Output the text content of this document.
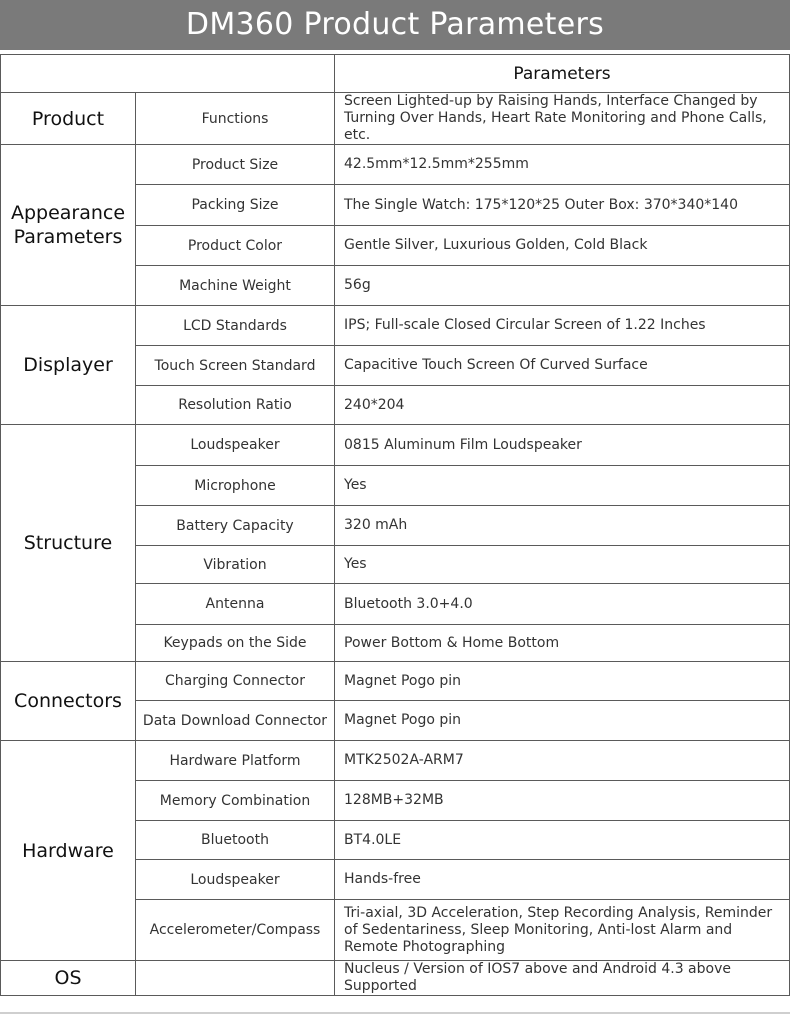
DM360 Product Parameters
		Parameters
Product	Functions	Screen Lighted-up by Raising Hands, Interface Changed by Turning Over Hands, Heart Rate Monitoring and Phone Calls, etc.
Appearance Parameters	Product Size	42.5mm*12.5mm*255mm
	Packing Size	The Single Watch: 175*120*25 Outer Box: 370*340*140
	Product Color	Gentle Silver, Luxurious Golden, Cold Black
	Machine Weight	56g
Displayer	LCD Standards	IPS; Full-scale Closed Circular Screen of 1.22 Inches
	Touch Screen Standard	Capacitive Touch Screen Of Curved Surface
	Resolution Ratio	240*204
Structure	Loudspeaker	0815 Aluminum Film Loudspeaker
	Microphone	Yes
	Battery Capacity	320 mAh
	Vibration	Yes
	Antenna	Bluetooth 3.0+4.0
	Keypads on the Side	Power Bottom & Home Bottom
Connectors	Charging Connector	Magnet Pogo pin
	Data Download Connector	Magnet Pogo pin
Hardware	Hardware Platform	MTK2502A-ARM7
	Memory Combination	128MB+32MB
	Bluetooth	BT4.0LE
	Loudspeaker	Hands-free
	Accelerometer/Compass	Tri-axial, 3D Acceleration, Step Recording Analysis, Reminder of Sedentariness, Sleep Monitoring, Anti-lost Alarm and Remote Photographing
OS		Nucleus / Version of IOS7 above and Android 4.3 above Supported
